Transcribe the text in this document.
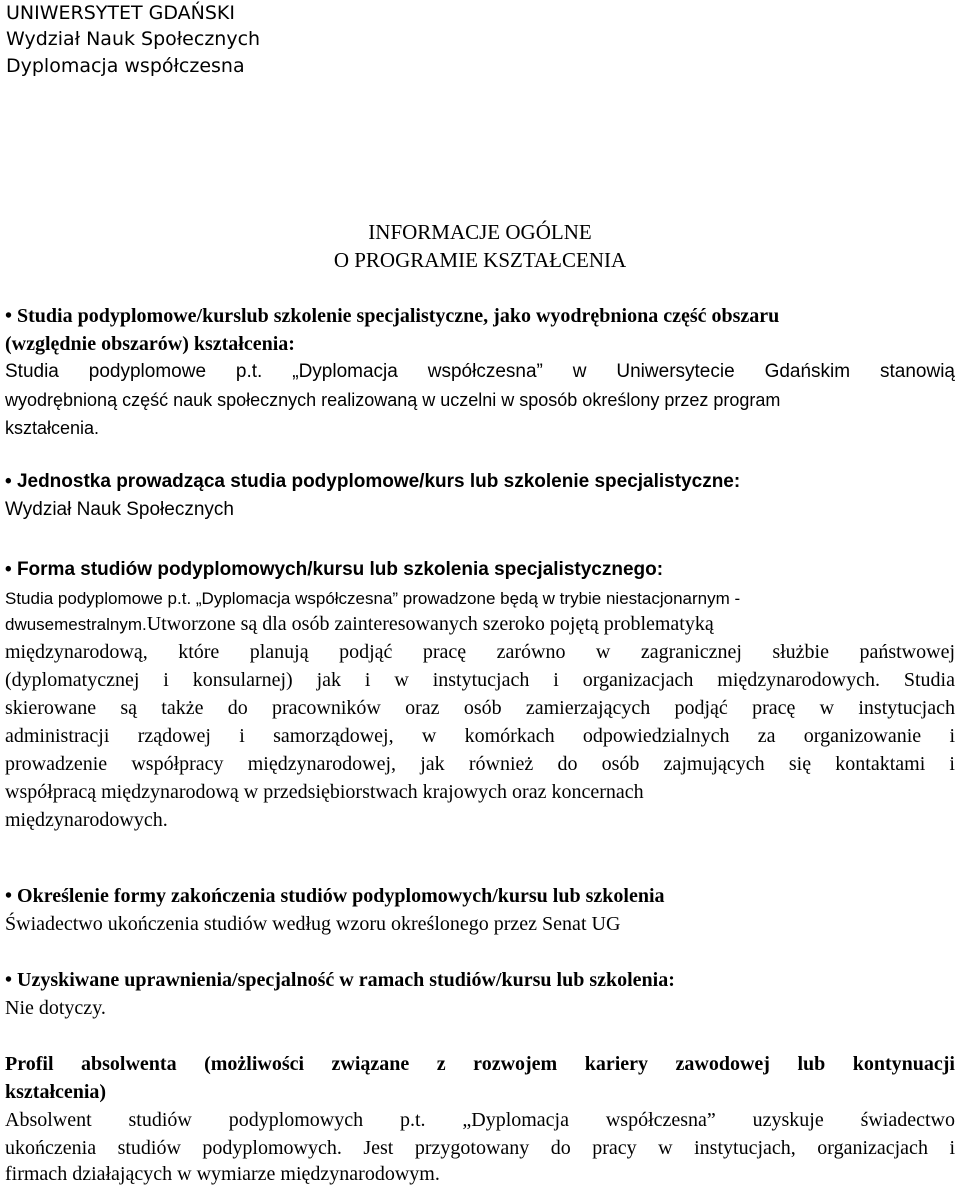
UNIWERSYTET GDAŃSKI
Wydział Nauk Społecznych
Dyplomacja współczesna
INFORMACJE OGÓLNE
O PROGRAMIE KSZTAŁCENIA
• Studia podyplomowe/kurslub szkolenie specjalistyczne, jako wyodrębniona część obszaru
(względnie obszarów) kształcenia:
Studia podyplomowe p.t. „Dyplomacja współczesna” w Uniwersytecie Gdańskim stanowią
wyodrębnioną część nauk społecznych realizowaną w uczelni w sposób określony przez program
kształcenia.
• Jednostka prowadząca studia podyplomowe/kurs lub szkolenie specjalistyczne:
Wydział Nauk Społecznych
• Forma studiów podyplomowych/kursu lub szkolenia specjalistycznego:
Studia podyplomowe p.t. „Dyplomacja współczesna” prowadzone będą w trybie niestacjonarnym -
dwusemestralnym.Utworzone są dla osób zainteresowanych szeroko pojętą problematyką
międzynarodową, które planują podjąć pracę zarówno w zagranicznej służbie państwowej
(dyplomatycznej i konsularnej) jak i w instytucjach i organizacjach międzynarodowych. Studia
skierowane są także do pracowników oraz osób zamierzających podjąć pracę w instytucjach
administracji rządowej i samorządowej, w komórkach odpowiedzialnych za organizowanie i
prowadzenie współpracy międzynarodowej, jak również do osób zajmujących się kontaktami i
współpracą międzynarodową w przedsiębiorstwach krajowych oraz koncernach
międzynarodowych.
• Określenie formy zakończenia studiów podyplomowych/kursu lub szkolenia
Świadectwo ukończenia studiów według wzoru określonego przez Senat UG
• Uzyskiwane uprawnienia/specjalność w ramach studiów/kursu lub szkolenia:
Nie dotyczy.
Profil absolwenta (możliwości związane z rozwojem kariery zawodowej lub kontynuacji
kształcenia)
Absolwent studiów podyplomowych p.t. „Dyplomacja współczesna” uzyskuje świadectwo
ukończenia studiów podyplomowych. Jest przygotowany do pracy w instytucjach, organizacjach i
firmach działających w wymiarze międzynarodowym.
